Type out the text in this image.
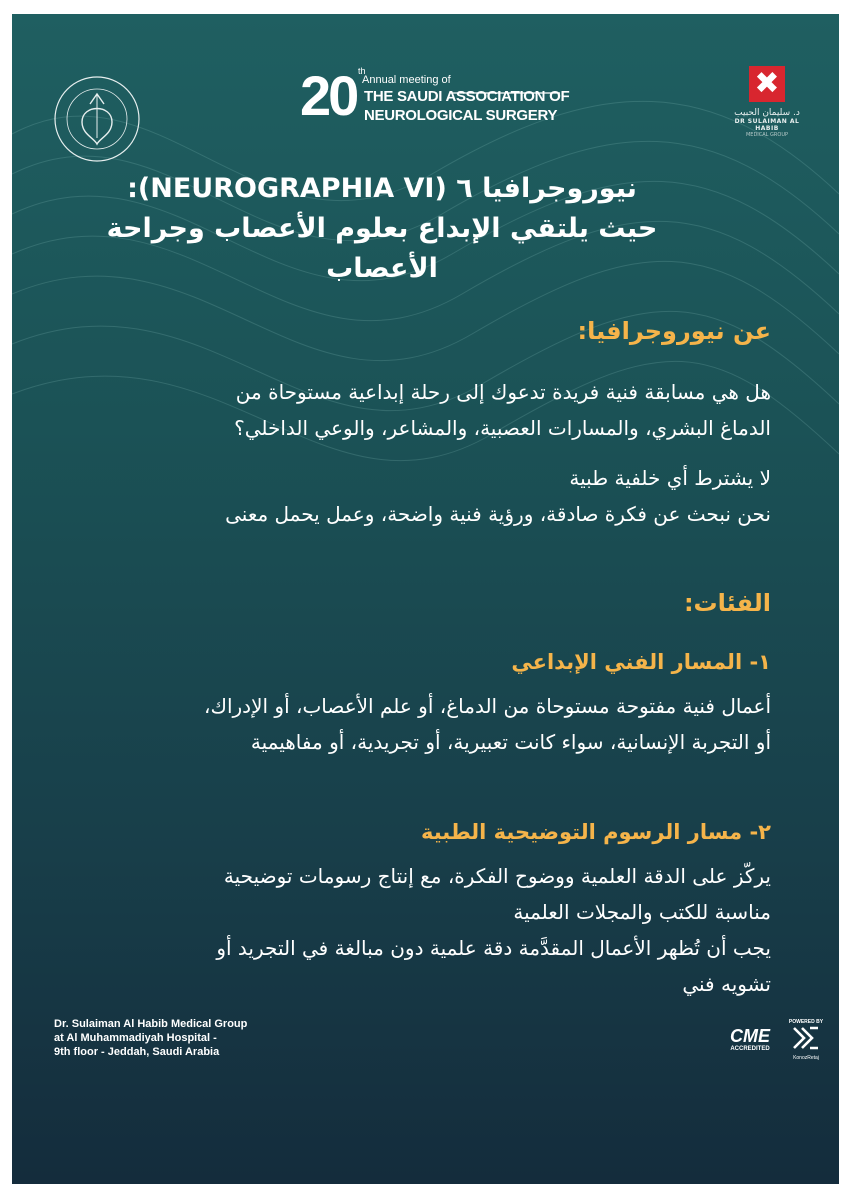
✖
د. سليمان الحبيب
DR SULAIMAN AL HABIB
MEDICAL GROUP
20 th
Annual meeting of
THE SAUDI ASSOCIATION OF
NEUROLOGICAL SURGERY
نيوروجرافيا ٦ (NEUROGRAPHIA VI):
حيث يلتقي الإبداع بعلوم الأعصاب وجراحة
الأعصاب
عن نيوروجرافيا:
هل هي مسابقة فنية فريدة تدعوك إلى رحلة إبداعية مستوحاة من
الدماغ البشري، والمسارات العصبية، والمشاعر، والوعي الداخلي؟
لا يشترط أي خلفية طبية
نحن نبحث عن فكرة صادقة، ورؤية فنية واضحة، وعمل يحمل معنى
الفئات:
١- المسار الفني الإبداعي
أعمال فنية مفتوحة مستوحاة من الدماغ، أو علم الأعصاب، أو الإدراك،
أو التجربة الإنسانية، سواء كانت تعبيرية، أو تجريدية، أو مفاهيمية
٢- مسار الرسوم التوضيحية الطبية
يركّز على الدقة العلمية ووضوح الفكرة، مع إنتاج رسومات توضيحية
مناسبة للكتب والمجلات العلمية
يجب أن تُظهر الأعمال المقدَّمة دقة علمية دون مبالغة في التجريد أو
تشويه فني
Dr. Sulaiman Al Habib Medical Group
at Al Muhammadiyah Hospital -
9th floor - Jeddah, Saudi Arabia
CME
ACCREDITED
POWERED BY
KonozRetaj
